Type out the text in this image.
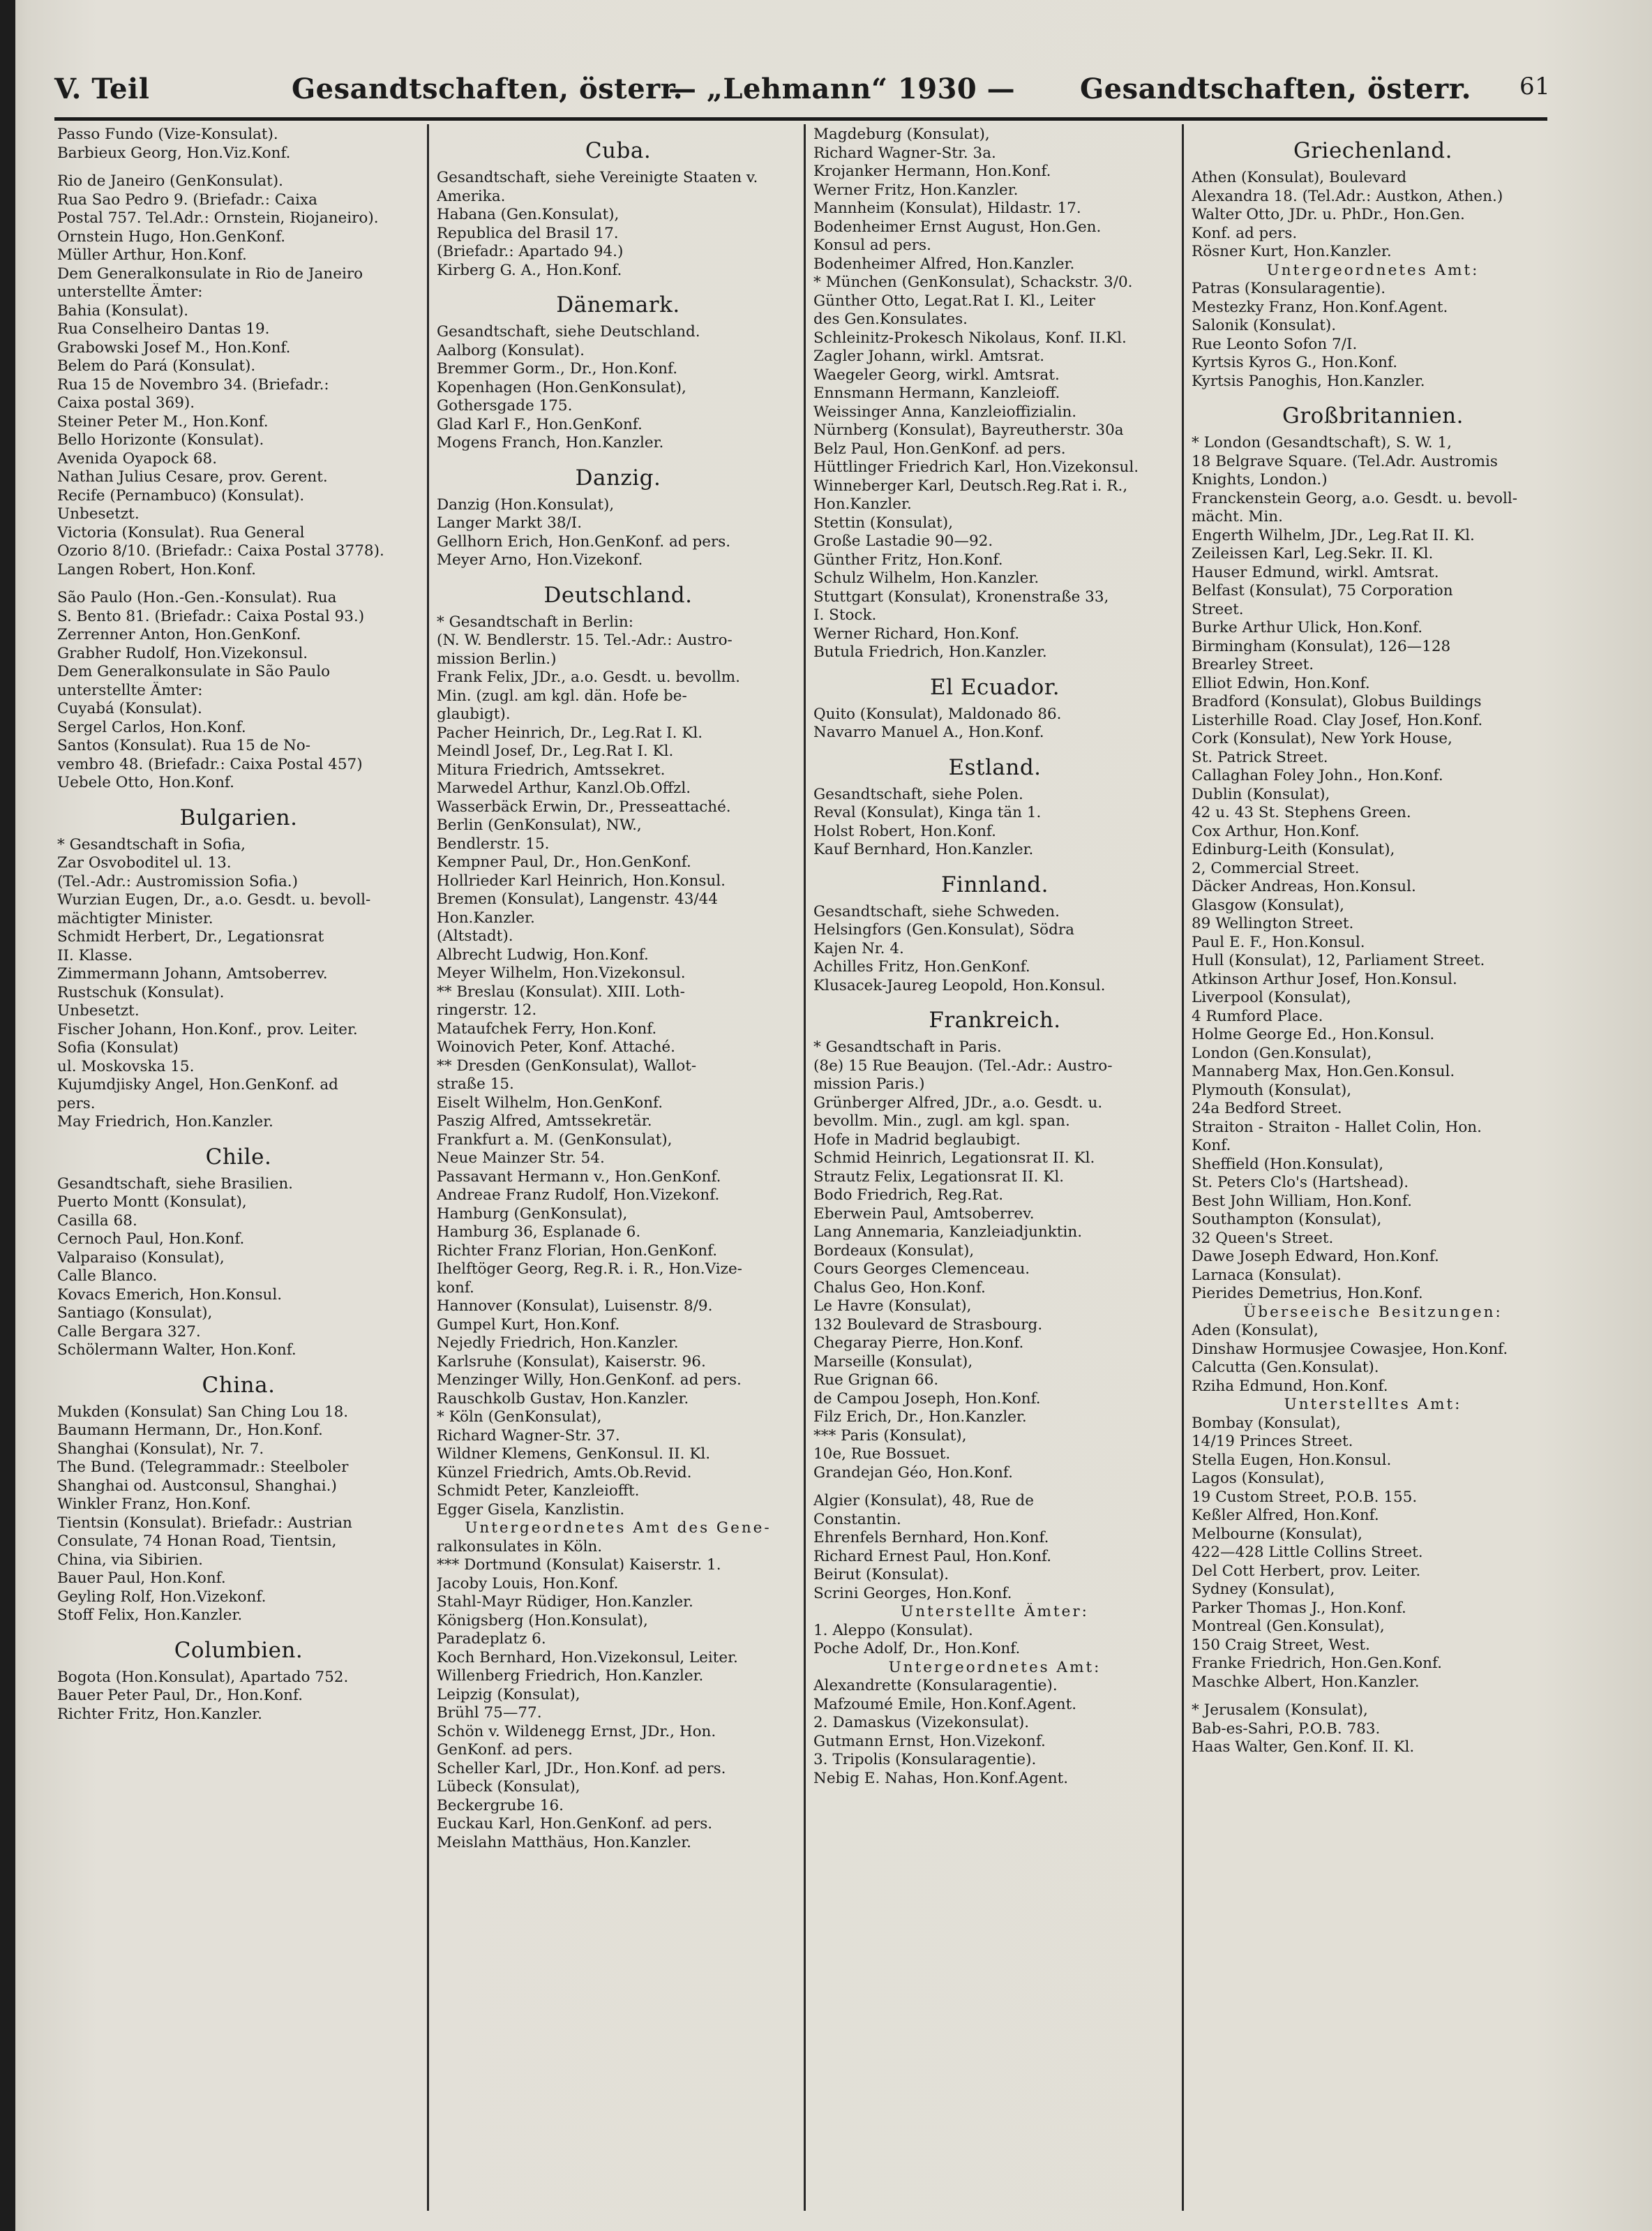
V. Teil	Gesandtschaften, österr.
— „Lehmann“ 1930 — Gesandtschaften, österr. 61
Passo Fundo (Vize-Konsulat).
Barbieux Georg, Hon.Viz.Konf.
Rio de Janeiro (GenKonsulat).
Rua Sao Pedro 9. (Briefadr.: Caixa
Postal 757. Tel.Adr.: Ornstein, Riojaneiro).
Ornstein Hugo, Hon.GenKonf.
Müller Arthur, Hon.Konf.
Dem Generalkonsulate in Rio de Janeiro
unterstellte Ämter:
Bahia (Konsulat).
Rua Conselheiro Dantas 19.
Grabowski Josef M., Hon.Konf.
Belem do Pará (Konsulat).
Rua 15 de Novembro 34. (Briefadr.:
Caixa postal 369).
Steiner Peter M., Hon.Konf.
Bello Horizonte (Konsulat).
Avenida Oyapock 68.
Nathan Julius Cesare, prov. Gerent.
Recife (Pernambuco) (Konsulat).
Unbesetzt.
Victoria (Konsulat). Rua General
Ozorio 8/10. (Briefadr.: Caixa Postal 3778).
Langen Robert, Hon.Konf.
São Paulo (Hon.-Gen.-Konsulat). Rua
S. Bento 81. (Briefadr.: Caixa Postal 93.)
Zerrenner Anton, Hon.GenKonf.
Grabher Rudolf, Hon.Vizekonsul.
Dem Generalkonsulate in São Paulo
unterstellte Ämter:
Cuyabá (Konsulat).
Sergel Carlos, Hon.Konf.
Santos (Konsulat). Rua 15 de No-
vembro 48. (Briefadr.: Caixa Postal 457)
Uebele Otto, Hon.Konf.
Bulgarien.
* Gesandtschaft in Sofia,
Zar Osvoboditel ul. 13.
(Tel.-Adr.: Austromission Sofia.)
Wurzian Eugen, Dr., a.o. Gesdt. u. bevoll-
mächtigter Minister.
Schmidt Herbert, Dr., Legationsrat
II. Klasse.
Zimmermann Johann, Amtsoberrev.
Rustschuk (Konsulat).
Unbesetzt.
Fischer Johann, Hon.Konf., prov. Leiter.
Sofia (Konsulat)
ul. Moskovska 15.
Kujumdjisky Angel, Hon.GenKonf. ad
pers.
May Friedrich, Hon.Kanzler.
Chile.
Gesandtschaft, siehe Brasilien.
Puerto Montt (Konsulat),
Casilla 68.
Cernoch Paul, Hon.Konf.
Valparaiso (Konsulat),
Calle Blanco.
Kovacs Emerich, Hon.Konsul.
Santiago (Konsulat),
Calle Bergara 327.
Schölermann Walter, Hon.Konf.
China.
Mukden (Konsulat) San Ching Lou 18.
Baumann Hermann, Dr., Hon.Konf.
Shanghai (Konsulat), Nr. 7.
The Bund. (Telegrammadr.: Steelboler
Shanghai od. Austconsul, Shanghai.)
Winkler Franz, Hon.Konf.
Tientsin (Konsulat). Briefadr.: Austrian
Consulate, 74 Honan Road, Tientsin,
China, via Sibirien.
Bauer Paul, Hon.Konf.
Geyling Rolf, Hon.Vizekonf.
Stoff Felix, Hon.Kanzler.
Columbien.
Bogota (Hon.Konsulat), Apartado 752.
Bauer Peter Paul, Dr., Hon.Konf.
Richter Fritz, Hon.Kanzler.
Cuba.
Gesandtschaft, siehe Vereinigte Staaten v.
Amerika.
Habana (Gen.Konsulat),
Republica del Brasil 17.
(Briefadr.: Apartado 94.)
Kirberg G. A., Hon.Konf.
Dänemark.
Gesandtschaft, siehe Deutschland.
Aalborg (Konsulat).
Bremmer Gorm., Dr., Hon.Konf.
Kopenhagen (Hon.GenKonsulat),
Gothersgade 175.
Glad Karl F., Hon.GenKonf.
Mogens Franch, Hon.Kanzler.
Danzig.
Danzig (Hon.Konsulat),
Langer Markt 38/I.
Gellhorn Erich, Hon.GenKonf. ad pers.
Meyer Arno, Hon.Vizekonf.
Deutschland.
* Gesandtschaft in Berlin:
(N. W. Bendlerstr. 15. Tel.-Adr.: Austro-
mission Berlin.)
Frank Felix, JDr., a.o. Gesdt. u. bevollm.
Min. (zugl. am kgl. dän. Hofe be-
glaubigt).
Pacher Heinrich, Dr., Leg.Rat I. Kl.
Meindl Josef, Dr., Leg.Rat I. Kl.
Mitura Friedrich, Amtssekret.
Marwedel Arthur, Kanzl.Ob.Offzl.
Wasserbäck Erwin, Dr., Presseattaché.
Berlin (GenKonsulat), NW.,
Bendlerstr. 15.
Kempner Paul, Dr., Hon.GenKonf.
Hollrieder Karl Heinrich, Hon.Konsul.
Bremen (Konsulat), Langenstr. 43/44
Hon.Kanzler.
(Altstadt).
Albrecht Ludwig, Hon.Konf.
Meyer Wilhelm, Hon.Vizekonsul.
** Breslau (Konsulat). XIII. Loth-
ringerstr. 12.
Mataufchek Ferry, Hon.Konf.
Woinovich Peter, Konf. Attaché.
** Dresden (GenKonsulat), Wallot-
straße 15.
Eiselt Wilhelm, Hon.GenKonf.
Paszig Alfred, Amtssekretär.
Frankfurt a. M. (GenKonsulat),
Neue Mainzer Str. 54.
Passavant Hermann v., Hon.GenKonf.
Andreae Franz Rudolf, Hon.Vizekonf.
Hamburg (GenKonsulat),
Hamburg 36, Esplanade 6.
Richter Franz Florian, Hon.GenKonf.
Ihelftöger Georg, Reg.R. i. R., Hon.Vize-
konf.
Hannover (Konsulat), Luisenstr. 8/9.
Gumpel Kurt, Hon.Konf.
Nejedly Friedrich, Hon.Kanzler.
Karlsruhe (Konsulat), Kaiserstr. 96.
Menzinger Willy, Hon.GenKonf. ad pers.
Rauschkolb Gustav, Hon.Kanzler.
* Köln (GenKonsulat),
Richard Wagner-Str. 37.
Wildner Klemens, GenKonsul. II. Kl.
Künzel Friedrich, Amts.Ob.Revid.
Schmidt Peter, Kanzleiofft.
Egger Gisela, Kanzlistin.
Untergeordnetes Amt des Gene-
ralkonsulates in Köln.
*** Dortmund (Konsulat) Kaiserstr. 1.
Jacoby Louis, Hon.Konf.
Stahl-Mayr Rüdiger, Hon.Kanzler.
Königsberg (Hon.Konsulat),
Paradeplatz 6.
Koch Bernhard, Hon.Vizekonsul, Leiter.
Willenberg Friedrich, Hon.Kanzler.
Leipzig (Konsulat),
Brühl 75—77.
Schön v. Wildenegg Ernst, JDr., Hon.
GenKonf. ad pers.
Scheller Karl, JDr., Hon.Konf. ad pers.
Lübeck (Konsulat),
Beckergrube 16.
Euckau Karl, Hon.GenKonf. ad pers.
Meislahn Matthäus, Hon.Kanzler.
Magdeburg (Konsulat),
Richard Wagner-Str. 3a.
Krojanker Hermann, Hon.Konf.
Werner Fritz, Hon.Kanzler.
Mannheim (Konsulat), Hildastr. 17.
Bodenheimer Ernst August, Hon.Gen.
Konsul ad pers.
Bodenheimer Alfred, Hon.Kanzler.
* München (GenKonsulat), Schackstr. 3/0.
Günther Otto, Legat.Rat I. Kl., Leiter
des Gen.Konsulates.
Schleinitz-Prokesch Nikolaus, Konf. II.Kl.
Zagler Johann, wirkl. Amtsrat.
Waegeler Georg, wirkl. Amtsrat.
Ennsmann Hermann, Kanzleioff.
Weissinger Anna, Kanzleioffizialin.
Nürnberg (Konsulat), Bayreutherstr. 30a
Belz Paul, Hon.GenKonf. ad pers.
Hüttlinger Friedrich Karl, Hon.Vizekonsul.
Winneberger Karl, Deutsch.Reg.Rat i. R.,
Hon.Kanzler.
Stettin (Konsulat),
Große Lastadie 90—92.
Günther Fritz, Hon.Konf.
Schulz Wilhelm, Hon.Kanzler.
Stuttgart (Konsulat), Kronenstraße 33,
I. Stock.
Werner Richard, Hon.Konf.
Butula Friedrich, Hon.Kanzler.
El Ecuador.
Quito (Konsulat), Maldonado 86.
Navarro Manuel A., Hon.Konf.
Estland.
Gesandtschaft, siehe Polen.
Reval (Konsulat), Kinga tän 1.
Holst Robert, Hon.Konf.
Kauf Bernhard, Hon.Kanzler.
Finnland.
Gesandtschaft, siehe Schweden.
Helsingfors (Gen.Konsulat), Södra
Kajen Nr. 4.
Achilles Fritz, Hon.GenKonf.
Klusacek-Jaureg Leopold, Hon.Konsul.
Frankreich.
* Gesandtschaft in Paris.
(8e) 15 Rue Beaujon. (Tel.-Adr.: Austro-
mission Paris.)
Grünberger Alfred, JDr., a.o. Gesdt. u.
bevollm. Min., zugl. am kgl. span.
Hofe in Madrid beglaubigt.
Schmid Heinrich, Legationsrat II. Kl.
Strautz Felix, Legationsrat II. Kl.
Bodo Friedrich, Reg.Rat.
Eberwein Paul, Amtsoberrev.
Lang Annemaria, Kanzleiadjunktin.
Bordeaux (Konsulat),
Cours Georges Clemenceau.
Chalus Geo, Hon.Konf.
Le Havre (Konsulat),
132 Boulevard de Strasbourg.
Chegaray Pierre, Hon.Konf.
Marseille (Konsulat),
Rue Grignan 66.
de Campou Joseph, Hon.Konf.
Filz Erich, Dr., Hon.Kanzler.
*** Paris (Konsulat),
10e, Rue Bossuet.
Grandejan Géo, Hon.Konf.
Algier (Konsulat), 48, Rue de
Constantin.
Ehrenfels Bernhard, Hon.Konf.
Richard Ernest Paul, Hon.Konf.
Beirut (Konsulat).
Scrini Georges, Hon.Konf.
Unterstellte Ämter:
1. Aleppo (Konsulat).
Poche Adolf, Dr., Hon.Konf.
Untergeordnetes Amt:
Alexandrette (Konsularagentie).
Mafzoumé Emile, Hon.Konf.Agent.
2. Damaskus (Vizekonsulat).
Gutmann Ernst, Hon.Vizekonf.
3. Tripolis (Konsularagentie).
Nebig E. Nahas, Hon.Konf.Agent.
Griechenland.
Athen (Konsulat), Boulevard
Alexandra 18. (Tel.Adr.: Austkon, Athen.)
Walter Otto, JDr. u. PhDr., Hon.Gen.
Konf. ad pers.
Rösner Kurt, Hon.Kanzler.
Untergeordnetes Amt:
Patras (Konsularagentie).
Mestezky Franz, Hon.Konf.Agent.
Salonik (Konsulat).
Rue Leonto Sofon 7/I.
Kyrtsis Kyros G., Hon.Konf.
Kyrtsis Panoghis, Hon.Kanzler.
Großbritannien.
* London (Gesandtschaft), S. W. 1,
18 Belgrave Square. (Tel.Adr. Austromis
Knights, London.)
Franckenstein Georg, a.o. Gesdt. u. bevoll-
mächt. Min.
Engerth Wilhelm, JDr., Leg.Rat II. Kl.
Zeileissen Karl, Leg.Sekr. II. Kl.
Hauser Edmund, wirkl. Amtsrat.
Belfast (Konsulat), 75 Corporation
Street.
Burke Arthur Ulick, Hon.Konf.
Birmingham (Konsulat), 126—128
Brearley Street.
Elliot Edwin, Hon.Konf.
Bradford (Konsulat), Globus Buildings
Listerhille Road. Clay Josef, Hon.Konf.
Cork (Konsulat), New York House,
St. Patrick Street.
Callaghan Foley John., Hon.Konf.
Dublin (Konsulat),
42 u. 43 St. Stephens Green.
Cox Arthur, Hon.Konf.
Edinburg-Leith (Konsulat),
2, Commercial Street.
Däcker Andreas, Hon.Konsul.
Glasgow (Konsulat),
89 Wellington Street.
Paul E. F., Hon.Konsul.
Hull (Konsulat), 12, Parliament Street.
Atkinson Arthur Josef, Hon.Konsul.
Liverpool (Konsulat),
4 Rumford Place.
Holme George Ed., Hon.Konsul.
London (Gen.Konsulat),
Mannaberg Max, Hon.Gen.Konsul.
Plymouth (Konsulat),
24a Bedford Street.
Straiton - Straiton - Hallet Colin, Hon.
Konf.
Sheffield (Hon.Konsulat),
St. Peters Clo's (Hartshead).
Best John William, Hon.Konf.
Southampton (Konsulat),
32 Queen's Street.
Dawe Joseph Edward, Hon.Konf.
Larnaca (Konsulat).
Pierides Demetrius, Hon.Konf.
Überseeische Besitzungen:
Aden (Konsulat),
Dinshaw Hormusjee Cowasjee, Hon.Konf.
Calcutta (Gen.Konsulat).
Rziha Edmund, Hon.Konf.
Unterstelltes Amt:
Bombay (Konsulat),
14/19 Princes Street.
Stella Eugen, Hon.Konsul.
Lagos (Konsulat),
19 Custom Street, P.O.B. 155.
Keßler Alfred, Hon.Konf.
Melbourne (Konsulat),
422—428 Little Collins Street.
Del Cott Herbert, prov. Leiter.
Sydney (Konsulat),
Parker Thomas J., Hon.Konf.
Montreal (Gen.Konsulat),
150 Craig Street, West.
Franke Friedrich, Hon.Gen.Konf.
Maschke Albert, Hon.Kanzler.
* Jerusalem (Konsulat),
Bab-es-Sahri, P.O.B. 783.
Haas Walter, Gen.Konf. II. Kl.
